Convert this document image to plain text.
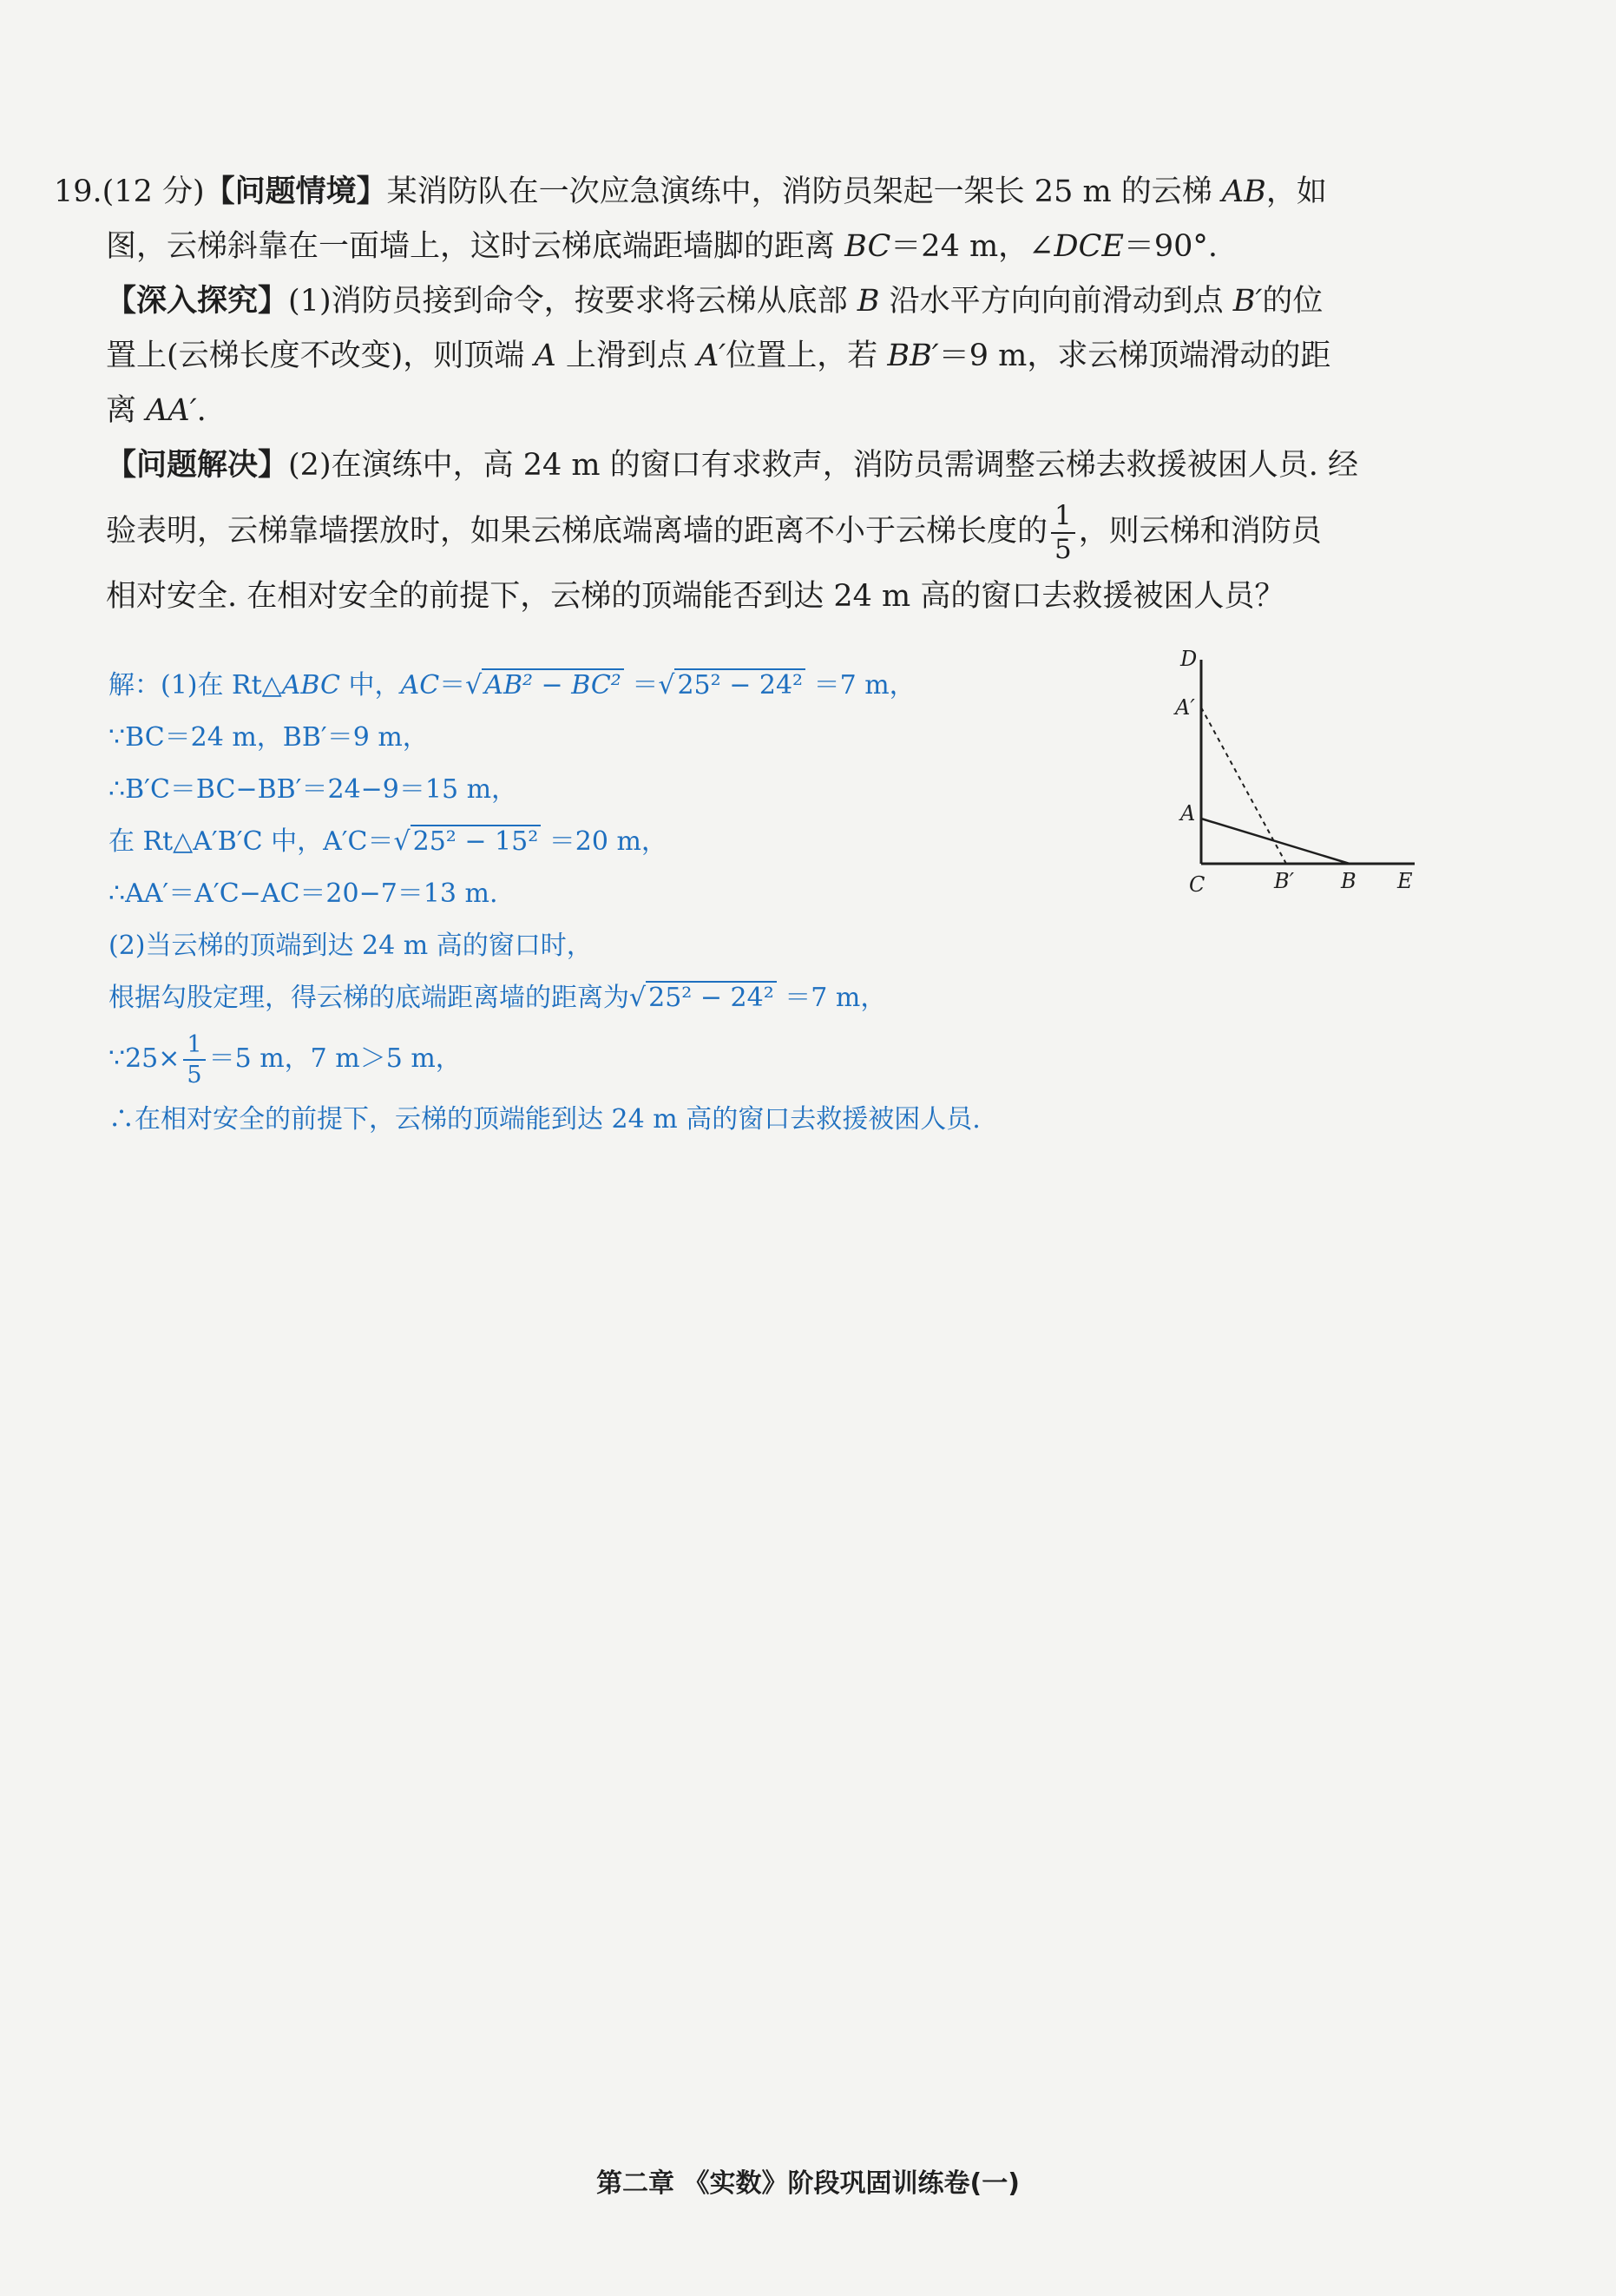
19.(12 分)【问题情境】某消防队在一次应急演练中，消防员架起一架长 25 m 的云梯 AB，如
图，云梯斜靠在一面墙上，这时云梯底端距墙脚的距离 BC＝24 m，∠DCE＝90°.
【深入探究】(1)消防员接到命令，按要求将云梯从底部 B 沿水平方向向前滑动到点 B′的位
置上(云梯长度不改变)，则顶端 A 上滑到点 A′位置上，若 BB′＝9 m，求云梯顶端滑动的距
离 AA′.
【问题解决】(2)在演练中，高 24 m 的窗口有求救声，消防员需调整云梯去救援被困人员. 经
验表明，云梯靠墙摆放时，如果云梯底端离墙的距离不小于云梯长度的 $\frac{1}{5}$ ，则云梯和消防员
相对安全. 在相对安全的前提下，云梯的顶端能否到达 24 m 高的窗口去救援被困人员？
解：(1)在 Rt△ABC 中，AC＝√ AB² − BC² ＝√ 25² − 24² ＝7 m，
∵BC＝24 m，BB′＝9 m，
∴B′C＝BC−BB′＝24−9＝15 m，
在 Rt△A′B′C 中，A′C＝√ 25² − 15² ＝20 m，
∴AA′＝A′C−AC＝20−7＝13 m.
(2)当云梯的顶端到达 24 m 高的窗口时，
根据勾股定理，得云梯的底端距离墙的距离为√ 25² − 24² ＝7 m，
∵25× $\frac{1}{5} =5$ m，7 m＞5 m，
∴在相对安全的前提下，云梯的顶端能到达 24 m 高的窗口去救援被困人员.
D
A′
A
C	B′ B E
第二章 《实数》阶段巩固训练卷(一)
